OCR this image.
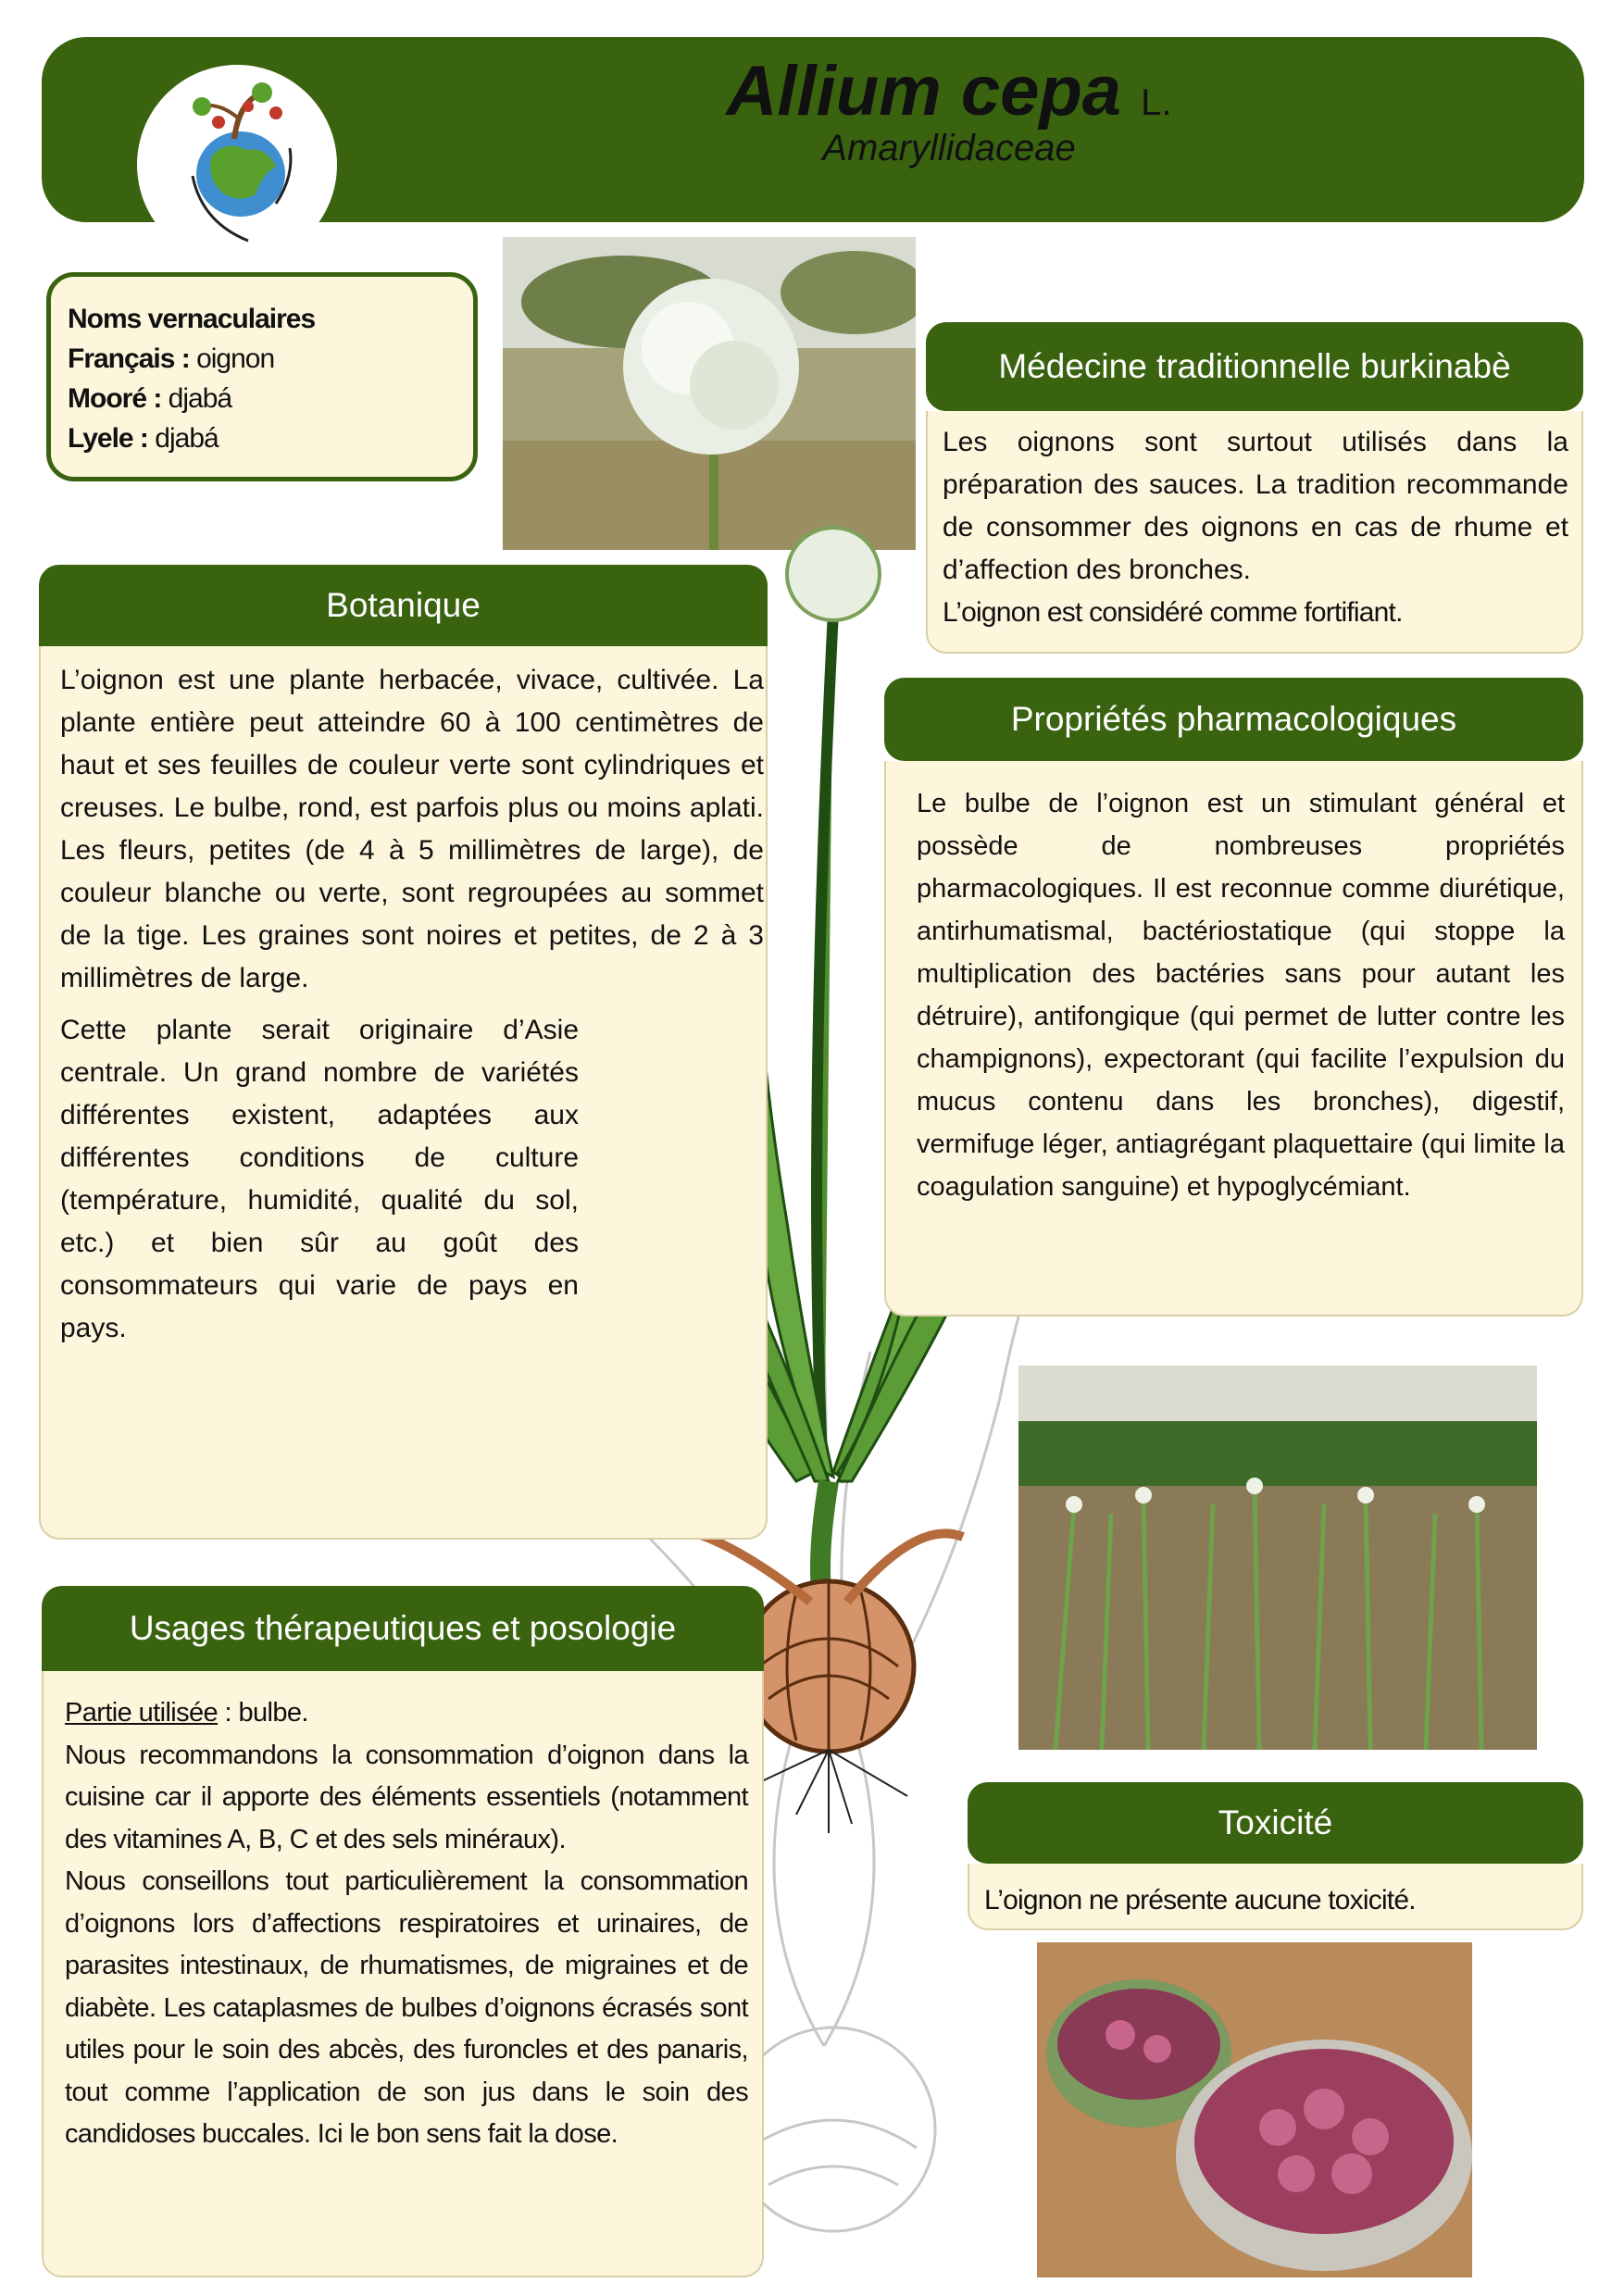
Allium cepa L.
Amaryllidaceae
Noms vernaculaires
Français : oignon
Mooré : djabá
Lyele : djabá
Botanique

L’oignon est une plante herbacée, vivace, cultivée. La plante entière peut atteindre 60 à 100 centimètres de haut et ses feuilles de couleur verte sont cylindriques et creuses. Le bulbe, rond, est parfois plus ou moins aplati. Les fleurs, petites (de 4 à 5 millimètres de large), de couleur blanche ou verte, sont regroupées au sommet de la tige. Les graines sont noires et petites, de 2 à 3 millimètres de large.

Cette plante serait originaire d’Asie centrale. Un grand nombre de variétés différentes existent, adaptées aux différentes conditions de culture (température, humidité, qualité du sol, etc.) et bien sûr au goût des consommateurs qui varie de pays en pays.

Médecine traditionnelle burkinabè

Les oignons sont surtout utilisés dans la préparation des sauces. La tradition recommande de consommer des oignons en cas de rhume et d’affection des bronches.

L’oignon est considéré comme fortifiant.

Propriétés pharmacologiques

Le bulbe de l’oignon est un stimulant général et possède de nombreuses propriétés pharmacologiques. Il est reconnue comme diurétique, antirhumatismal, bactériostatique (qui stoppe la multiplication des bactéries sans pour autant les détruire), antifongique (qui permet de lutter contre les champignons), expectorant (qui facilite l’expulsion du mucus contenu dans les bronches), digestif, vermifuge léger, antiagrégant plaquettaire (qui limite la coagulation sanguine) et hypoglycémiant.

Toxicité
L’oignon ne présente aucune toxicité.
Usages thérapeutiques et posologie

Partie utilisée : bulbe.

Nous recommandons la consommation d’oignon dans la cuisine car il apporte des éléments essentiels (notamment des vitamines A, B, C et des sels minéraux).

Nous conseillons tout particulièrement la consommation d’oignons lors d’affections respiratoires et urinaires, de parasites intestinaux, de rhumatismes, de migraines et de diabète. Les cataplasmes de bulbes d’oignons écrasés sont utiles pour le soin des abcès, des furoncles et des panaris, tout comme l’application de son jus dans le soin des candidoses buccales. Ici le bon sens fait la dose.
